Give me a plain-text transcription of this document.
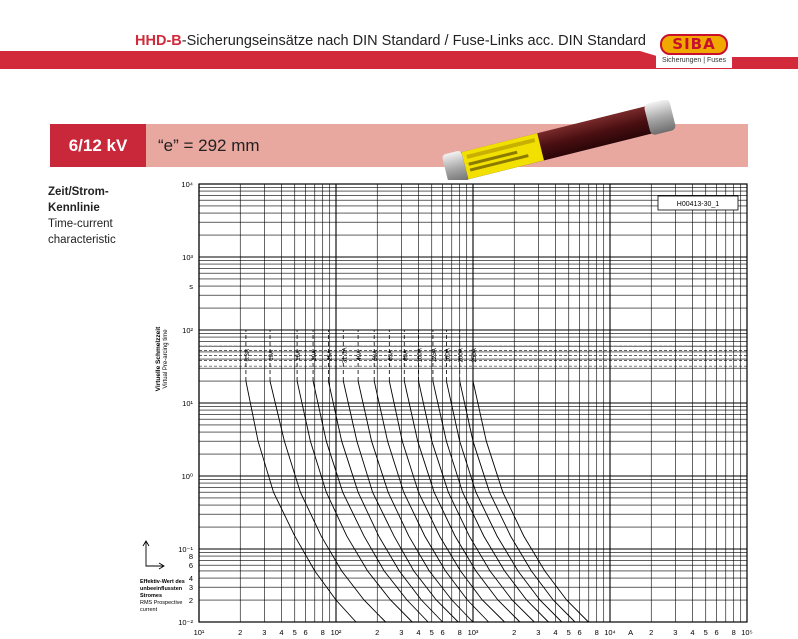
HHD-B-Sicherungseinsätze nach DIN Standard / Fuse-Links acc. DIN Standard	SIBA
Sicherungen | Fuses
6/12 kV	“e” = 292 mm
Zeit/Strom-
Kennlinie
Time-current
characteristic
10¹	2	3 4 5 6 8 10²	2	3 4 5 6 8 10³	2	3 4 5 6 8 10⁴ A 2	3 4 5 6 8 10⁵
10⁻²
2
3
4
6
8
10⁻¹
10⁰
10¹
10²
s
10³
10⁴
Virtuelle Schmelzzeit Virtual Pre-arcing time
Effektiv-Wert des
unbeeinflussten
Stromes
RMS Prospective
current
H00413-30_1
6.3A	10A	16A 20A 25A 31.5A 40A 50A 63A 80A 100A 125A 160A 200A 250A
